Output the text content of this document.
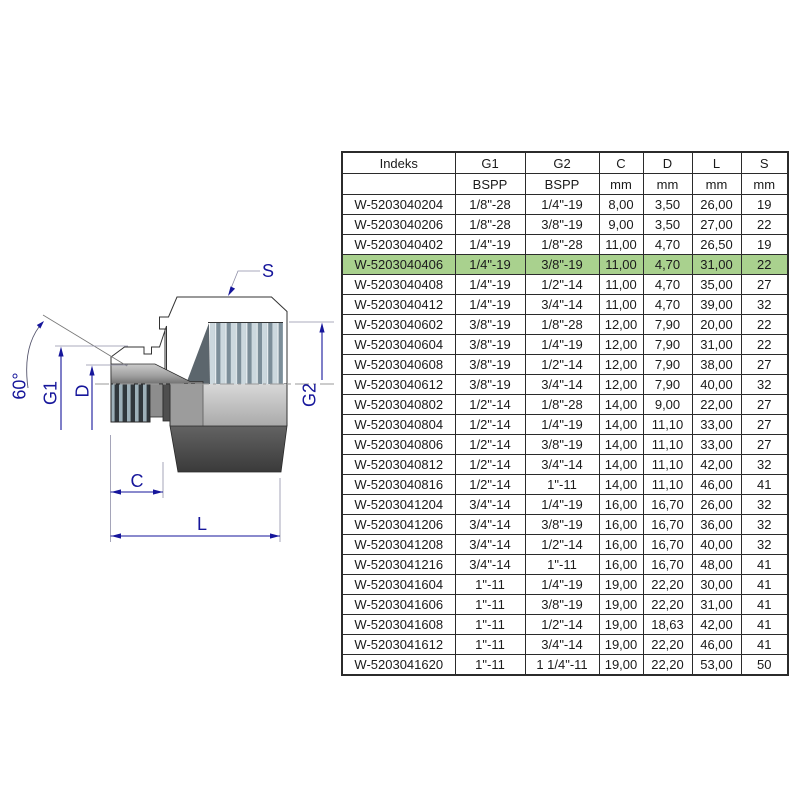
S
60° G1 D	G2
C
L
Indeks	G1	G2	C	D	L	S
	BSPP	BSPP	mm	mm	mm	mm
W-5203040204	1/8"-28	1/4"-19	8,00	3,50	26,00	19
W-5203040206	1/8"-28	3/8"-19	9,00	3,50	27,00	22
W-5203040402	1/4"-19	1/8"-28	11,00	4,70	26,50	19
W-5203040406	1/4"-19	3/8"-19	11,00	4,70	31,00	22
W-5203040408	1/4"-19	1/2"-14	11,00	4,70	35,00	27
W-5203040412	1/4"-19	3/4"-14	11,00	4,70	39,00	32
W-5203040602	3/8"-19	1/8"-28	12,00	7,90	20,00	22
W-5203040604	3/8"-19	1/4"-19	12,00	7,90	31,00	22
W-5203040608	3/8"-19	1/2"-14	12,00	7,90	38,00	27
W-5203040612	3/8"-19	3/4"-14	12,00	7,90	40,00	32
W-5203040802	1/2"-14	1/8"-28	14,00	9,00	22,00	27
W-5203040804	1/2"-14	1/4"-19	14,00	11,10	33,00	27
W-5203040806	1/2"-14	3/8"-19	14,00	11,10	33,00	27
W-5203040812	1/2"-14	3/4"-14	14,00	11,10	42,00	32
W-5203040816	1/2"-14	1"-11	14,00	11,10	46,00	41
W-5203041204	3/4"-14	1/4"-19	16,00	16,70	26,00	32
W-5203041206	3/4"-14	3/8"-19	16,00	16,70	36,00	32
W-5203041208	3/4"-14	1/2"-14	16,00	16,70	40,00	32
W-5203041216	3/4"-14	1"-11	16,00	16,70	48,00	41
W-5203041604	1"-11	1/4"-19	19,00	22,20	30,00	41
W-5203041606	1"-11	3/8"-19	19,00	22,20	31,00	41
W-5203041608	1"-11	1/2"-14	19,00	18,63	42,00	41
W-5203041612	1"-11	3/4"-14	19,00	22,20	46,00	41
W-5203041620	1"-11	1 1/4"-11	19,00	22,20	53,00	50
